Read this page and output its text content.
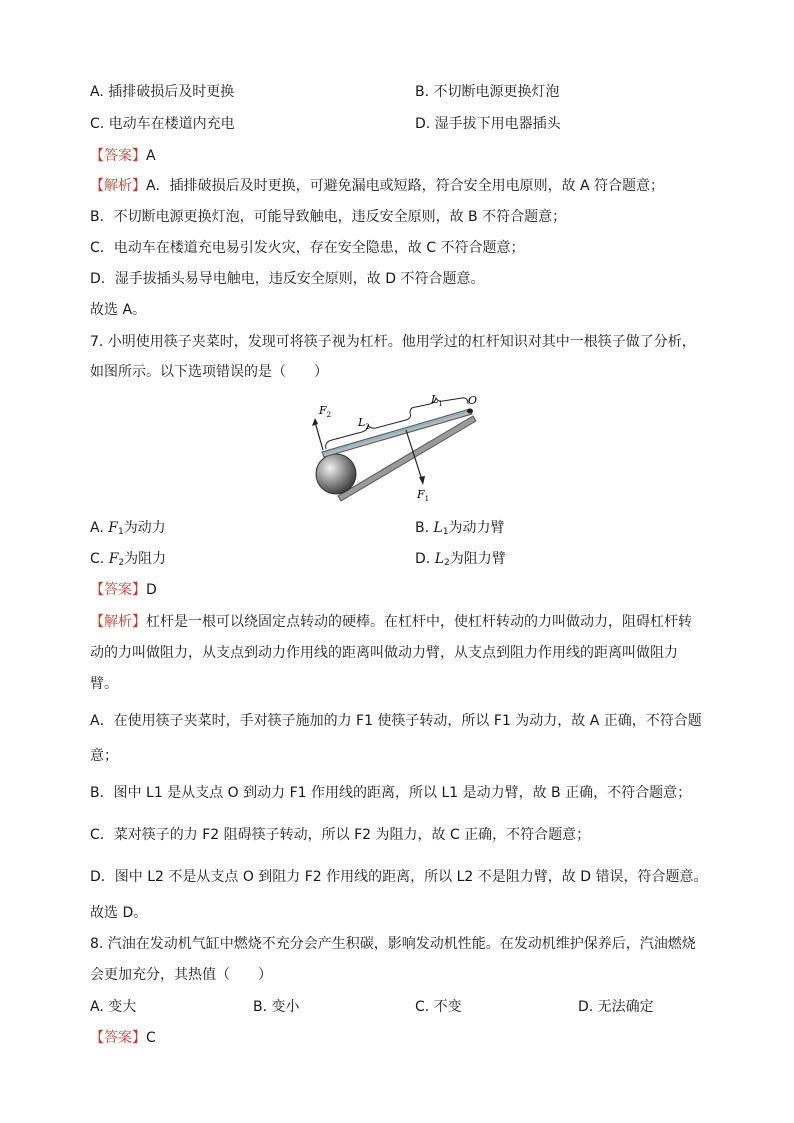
A. 插排破损后及时更换	B. 不切断电源更换灯泡
C. 电动车在楼道内充电	D. 湿手拔下用电器插头
【答案】A
【解析】A．插排破损后及时更换，可避免漏电或短路，符合安全用电原则，故 A 符合题意；
B．不切断电源更换灯泡，可能导致触电，违反安全原则，故 B 不符合题意；
C．电动车在楼道充电易引发火灾，存在安全隐患，故 C 不符合题意；
D．湿手拔插头易导电触电，违反安全原则，故 D 不符合题意。
故选 A。
7. 小明使用筷子夹菜时，发现可将筷子视为杠杆。他用学过的杠杆知识对其中一根筷子做了分析，
如图所示。以下选项错误的是（　　）
$F_2$
$L_2$
$L_1$ O
$F_1$
A. $F_1$为动力	B. $L_1$为动力臂
C. $F_2$为阻力	D. $L_2$为阻力臂
【答案】D
【解析】杠杆是一根可以绕固定点转动的硬棒。在杠杆中，使杠杆转动的力叫做动力，阻碍杠杆转
动的力叫做阻力，从支点到动力作用线的距离叫做动力臂，从支点到阻力作用线的距离叫做阻力
臂。
A．在使用筷子夹菜时，手对筷子施加的力 F1 使筷子转动，所以 F1 为动力，故 A 正确，不符合题
意；
B．图中 L1 是从支点 O 到动力 F1 作用线的距离，所以 L1 是动力臂，故 B 正确，不符合题意；
C．菜对筷子的力 F2 阻碍筷子转动，所以 F2 为阻力，故 C 正确，不符合题意；
D．图中 L2 不是从支点 O 到阻力 F2 作用线的距离，所以 L2 不是阻力臂，故 D 错误，符合题意。
故选 D。
8. 汽油在发动机气缸中燃烧不充分会产生积碳，影响发动机性能。在发动机维护保养后，汽油燃烧
会更加充分，其热值（　　）
A. 变大	B. 变小	C. 不变	D. 无法确定
【答案】C
